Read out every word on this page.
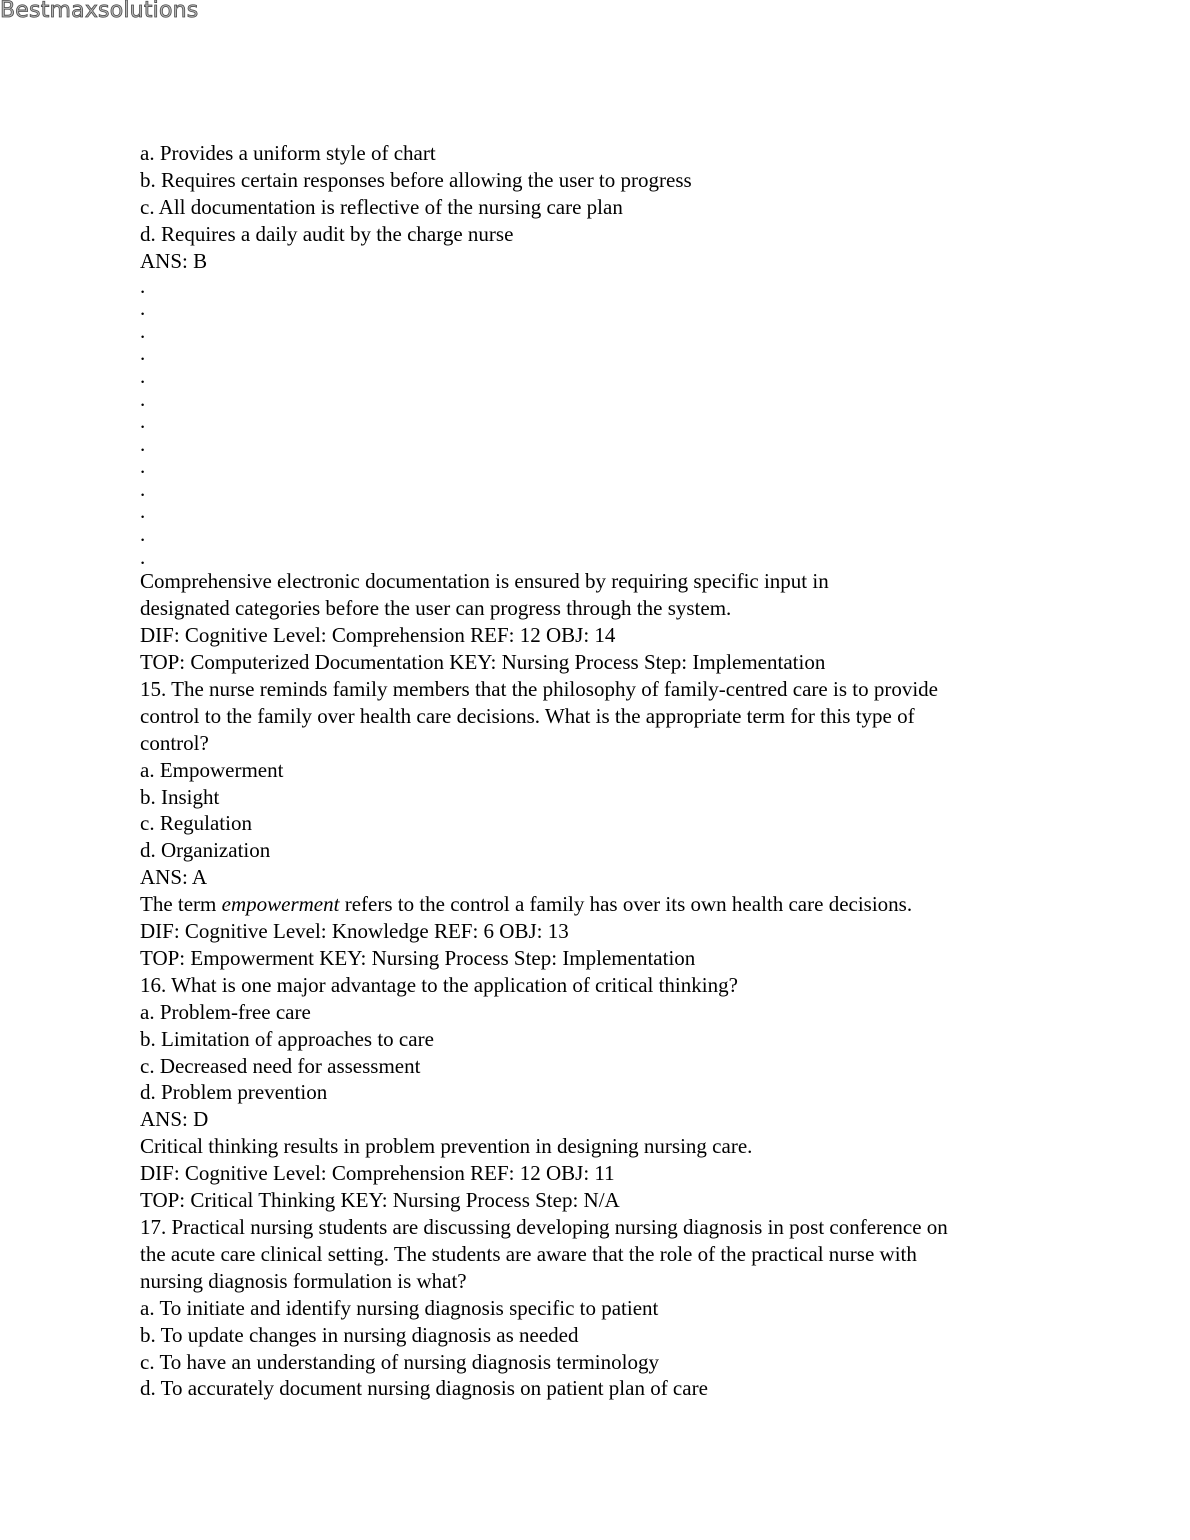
Bestmaxsolutions
a. Provides a uniform style of chart
b. Requires certain responses before allowing the user to progress
c. All documentation is reflective of the nursing care plan
d. Requires a daily audit by the charge nurse
ANS: B
.
.
.
.
.
.
.
.
.
.
.
.
.
Comprehensive electronic documentation is ensured by requiring specific input in
designated categories before the user can progress through the system.
DIF: Cognitive Level: Comprehension REF: 12 OBJ: 14
TOP: Computerized Documentation KEY: Nursing Process Step: Implementation
15. The nurse reminds family members that the philosophy of family-centred care is to provide
control to the family over health care decisions. What is the appropriate term for this type of
control?
a. Empowerment
b. Insight
c. Regulation
d. Organization
ANS: A
The term empowerment refers to the control a family has over its own health care decisions.
DIF: Cognitive Level: Knowledge REF: 6 OBJ: 13
TOP: Empowerment KEY: Nursing Process Step: Implementation
16. What is one major advantage to the application of critical thinking?
a. Problem-free care
b. Limitation of approaches to care
c. Decreased need for assessment
d. Problem prevention
ANS: D
Critical thinking results in problem prevention in designing nursing care.
DIF: Cognitive Level: Comprehension REF: 12 OBJ: 11
TOP: Critical Thinking KEY: Nursing Process Step: N/A
17. Practical nursing students are discussing developing nursing diagnosis in post conference on
the acute care clinical setting. The students are aware that the role of the practical nurse with
nursing diagnosis formulation is what?
a. To initiate and identify nursing diagnosis specific to patient
b. To update changes in nursing diagnosis as needed
c. To have an understanding of nursing diagnosis terminology
d. To accurately document nursing diagnosis on patient plan of care
